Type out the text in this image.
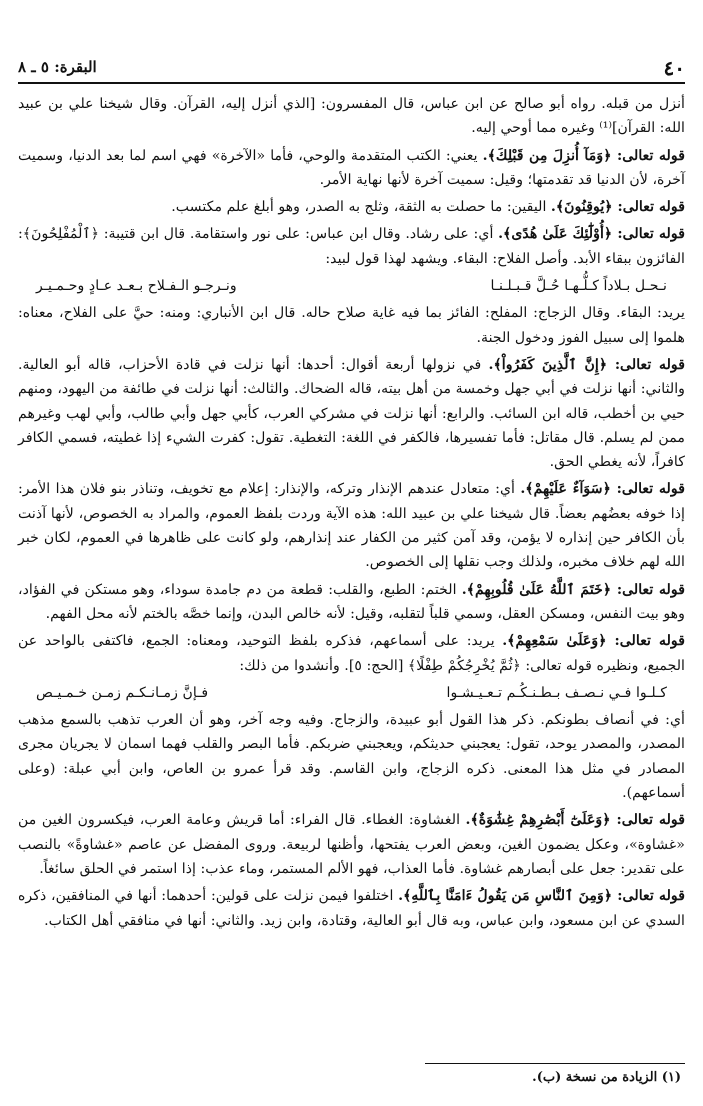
٤٠
البقرة: ٥ ـ ٨

أنزل من قبله. رواه أبو صالح عن ابن عباس، قال المفسرون: [الذي أنزل إليه، القرآن. وقال شيخنا علي بن عبيد الله: القرآن]⁽¹⁾ وغيره مما أوحي إليه.

قوله تعالى: ﴿وَمَآ أُنزِلَ مِن قَبْلِكَ﴾. يعني: الكتب المتقدمة والوحي، فأما «الآخرة» فهي اسم لما بعد الدنيا، وسميت آخرة، لأن الدنيا قد تقدمتها؛ وقيل: سميت آخرة لأنها نهاية الأمر.

قوله تعالى: ﴿يُوقِنُونَ﴾. اليقين: ما حصلت به الثقة، وثلج به الصدر، وهو أبلغ علم مكتسب.

قوله تعالى: ﴿أُوْلَٰٓئِكَ عَلَىٰ هُدًى﴾. أي: على رشاد. وقال ابن عباس: على نور واستقامة. قال ابن قتيبة: ﴿ٱلْمُفْلِحُونَ﴾: الفائزون ببقاء الأبد. وأصل الفلاح: البقاء. ويشهد لهذا قول لبيد:

نـحـل بـلاداً كـلُّـهـا حُـلَّ قـبـلـنـا
ونـرجـو الـفـلاح بـعـد عـادٍ وحـمـيـر

يريد: البقاء. وقال الزجاج: المفلح: الفائز بما فيه غاية صلاح حاله. قال ابن الأنباري: ومنه: حيَّ على الفلاح، معناه: هلموا إلى سبيل الفوز ودخول الجنة.

قوله تعالى: ﴿إِنَّ ٱلَّذِينَ كَفَرُواْ﴾. في نزولها أربعة أقوال: أحدها: أنها نزلت في قادة الأحزاب، قاله أبو العالية. والثاني: أنها نزلت في أبي جهل وخمسة من أهل بيته، قاله الضحاك. والثالث: أنها نزلت في طائفة من اليهود، ومنهم حيي بن أخطب، قاله ابن السائب. والرابع: أنها نزلت في مشركي العرب، كأبي جهل وأبي طالب، وأبي لهب وغيرهم ممن لم يسلم. قال مقاتل: فأما تفسيرها، فالكفر في اللغة: التغطية. تقول: كفرت الشيء إذا غطيته، فسمي الكافر كافراً، لأنه يغطي الحق.

قوله تعالى: ﴿سَوَآءٌ عَلَيْهِمْ﴾. أي: متعادل عندهم الإنذار وتركه، والإنذار: إعلام مع تخويف، وتناذر بنو فلان هذا الأمر: إذا خوفه بعضُهم بعضاً. قال شيخنا علي بن عبيد الله: هذه الآية وردت بلفظ العموم، والمراد به الخصوص، لأنها آذنت بأن الكافر حين إنذاره لا يؤمن، وقد آمن كثير من الكفار عند إنذارهم، ولو كانت على ظاهرها في العموم، لكان خبر الله لهم خلاف مخبره، ولذلك وجب نقلها إلى الخصوص.

قوله تعالى: ﴿خَتَمَ ٱللَّهُ عَلَىٰ قُلُوبِهِمْ﴾. الختم: الطبع، والقلب: قطعة من دم جامدة سوداء، وهو مستكن في الفؤاد، وهو بيت النفس، ومسكن العقل، وسمي قلباً لتقلبه، وقيل: لأنه خالص البدن، وإنما خصَّه بالختم لأنه محل الفهم.

قوله تعالى: ﴿وَعَلَىٰ سَمْعِهِمْ﴾. يريد: على أسماعهم، فذكره بلفظ التوحيد، ومعناه: الجمع، فاكتفى بالواحد عن الجميع، ونظيره قوله تعالى: ﴿ثُمَّ يُخْرِجُكُمْ طِفْلًا﴾ [الحج: ٥]. وأنشدوا من ذلك:

كـلـوا فـي نـصـف بـطـنـكُـم تـعـيـشـوا
فـإنَّ زمـانـكـم زمـن خـمـيـص

أي: في أنصاف بطونكم. ذكر هذا القول أبو عبيدة، والزجاج. وفيه وجه آخر، وهو أن العرب تذهب بالسمع مذهب المصدر، والمصدر يوحد، تقول: يعجبني حديثكم، ويعجبني ضربكم. فأما البصر والقلب فهما اسمان لا يجريان مجرى المصادر في مثل هذا المعنى. ذكره الزجاج، وابن القاسم. وقد قرأ عمرو بن العاص، وابن أبي عبلة: (وعلى أسماعهم).

قوله تعالى: ﴿وَعَلَىٰٓ أَبْصَٰرِهِمْ غِشَٰوَةٌ﴾. الغشاوة: الغطاء. قال الفراء: أما قريش وعامة العرب، فيكسرون الغين من «غشاوة»، وعكل يضمون الغين، وبعض العرب يفتحها، وأظنها لربيعة. وروى المفضل عن عاصم «غشاوةً» بالنصب على تقدير: جعل على أبصارهم غشاوة. فأما العذاب، فهو الألم المستمر، وماء عذب: إذا استمر في الحلق سائغاً.

قوله تعالى: ﴿وَمِنَ ٱلنَّاسِ مَن يَقُولُ ءَامَنَّا بِٱللَّهِ﴾. اختلفوا فيمن نزلت على قولين: أحدهما: أنها في المنافقين، ذكره السدي عن ابن مسعود، وابن عباس، وبه قال أبو العالية، وقتادة، وابن زيد. والثاني: أنها في منافقي أهل الكتاب.

(١) الزيادة من نسخة (ب).
